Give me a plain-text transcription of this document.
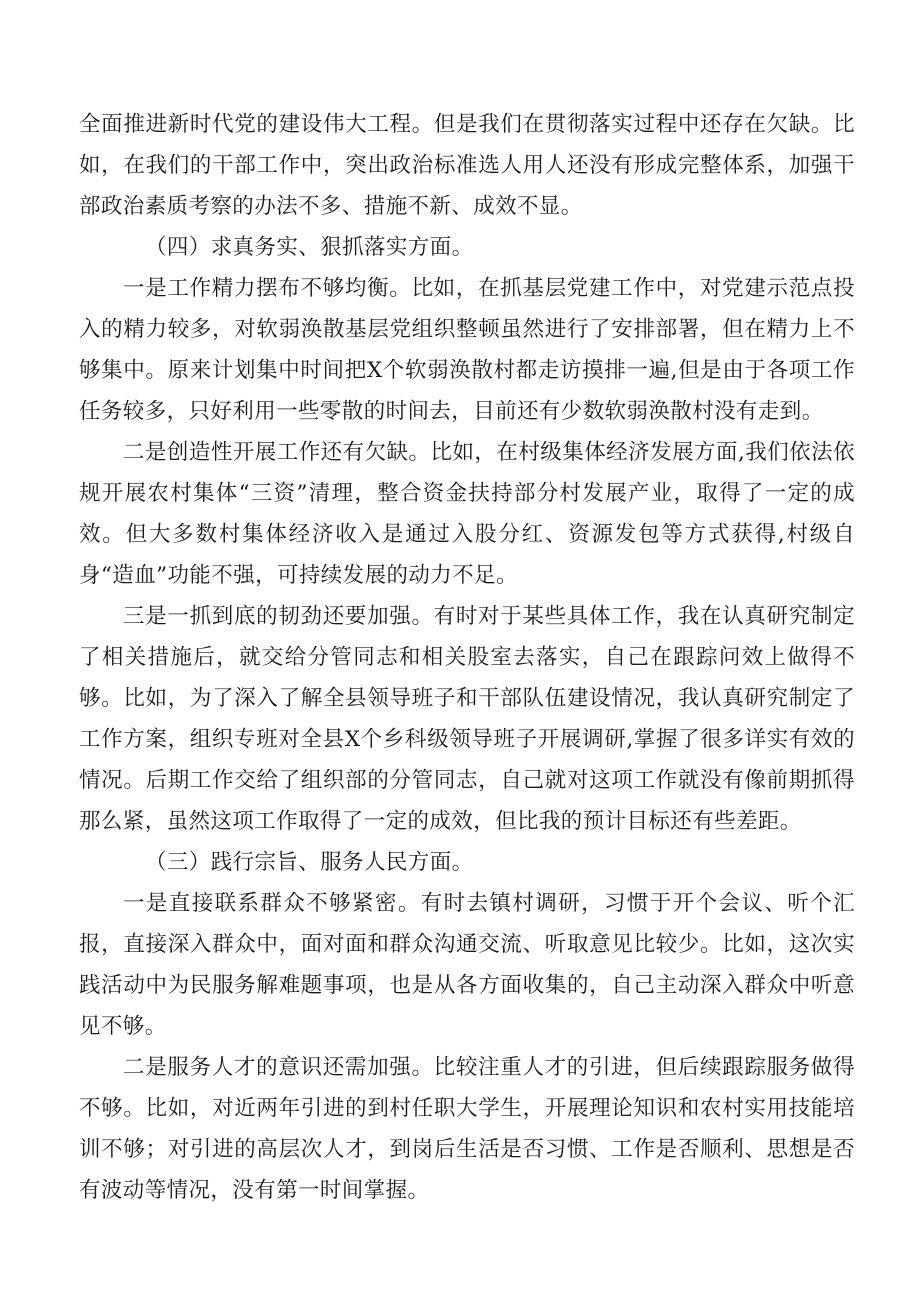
全面推进新时代党的建设伟大工程。但是我们在贯彻落实过程中还存在欠缺。比如，在我们的干部工作中，突出政治标准选人用人还没有形成完整体系，加强干部政治素质考察的办法不多、措施不新、成效不显。

（四）求真务实、狠抓落实方面。

一是工作精力摆布不够均衡。比如，在抓基层党建工作中，对党建示范点投入的精力较多，对软弱涣散基层党组织整顿虽然进行了安排部署，但在精力上不够集中。原来计划集中时间把X个软弱涣散村都走访摸排一遍,但是由于各项工作任务较多，只好利用一些零散的时间去，目前还有少数软弱涣散村没有走到。

二是创造性开展工作还有欠缺。比如，在村级集体经济发展方面,我们依法依规开展农村集体“三资”清理，整合资金扶持部分村发展产业，取得了一定的成效。但大多数村集体经济收入是通过入股分红、资源发包等方式获得,村级自身“造血”功能不强，可持续发展的动力不足。

三是一抓到底的韧劲还要加强。有时对于某些具体工作，我在认真研究制定了相关措施后，就交给分管同志和相关股室去落实，自己在跟踪问效上做得不够。比如，为了深入了解全县领导班子和干部队伍建设情况，我认真研究制定了工作方案，组织专班对全县X个乡科级领导班子开展调研,掌握了很多详实有效的情况。后期工作交给了组织部的分管同志，自己就对这项工作就没有像前期抓得那么紧，虽然这项工作取得了一定的成效，但比我的预计目标还有些差距。

（三）践行宗旨、服务人民方面。

一是直接联系群众不够紧密。有时去镇村调研，习惯于开个会议、听个汇报，直接深入群众中，面对面和群众沟通交流、听取意见比较少。比如，这次实践活动中为民服务解难题事项，也是从各方面收集的，自己主动深入群众中听意见不够。

二是服务人才的意识还需加强。比较注重人才的引进，但后续跟踪服务做得不够。比如，对近两年引进的到村任职大学生，开展理论知识和农村实用技能培训不够；对引进的高层次人才，到岗后生活是否习惯、工作是否顺利、思想是否有波动等情况，没有第一时间掌握。
